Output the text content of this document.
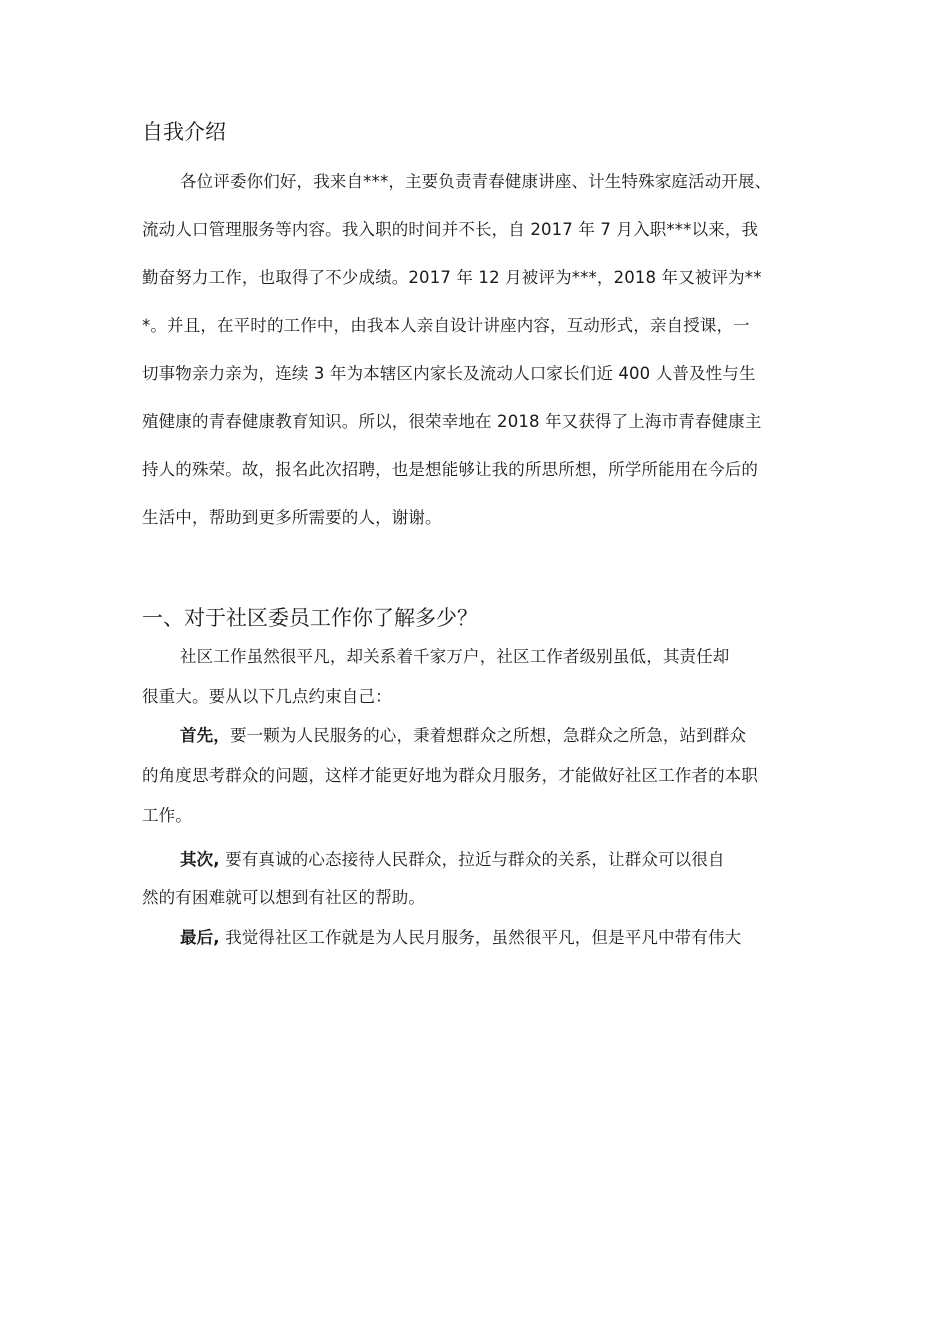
自我介绍
各位评委你们好，我来自***，主要负责青春健康讲座、计生特殊家庭活动开展、
流动人口管理服务等内容。我入职的时间并不长，自 2017 年 7 月入职***以来，我
勤奋努力工作，也取得了不少成绩。2017 年 12 月被评为***，2018 年又被评为**
*。并且，在平时的工作中，由我本人亲自设计讲座内容，互动形式，亲自授课，一
切事物亲力亲为，连续 3 年为本辖区内家长及流动人口家长们近 400 人普及性与生
殖健康的青春健康教育知识。所以，很荣幸地在 2018 年又获得了上海市青春健康主
持人的殊荣。故，报名此次招聘，也是想能够让我的所思所想，所学所能用在今后的
生活中，帮助到更多所需要的人，谢谢。
一、对于社区委员工作你了解多少？
社区工作虽然很平凡，却关系着千家万户，社区工作者级别虽低，其责任却
很重大。要从以下几点约束自己：
首先，要一颗为人民服务的心，秉着想群众之所想，急群众之所急，站到群众
的角度思考群众的问题，这样才能更好地为群众月服务，才能做好社区工作者的本职
工作。
其次, 要有真诚的心态接待人民群众，拉近与群众的关系，让群众可以很自
然的有困难就可以想到有社区的帮助。
最后, 我觉得社区工作就是为人民月服务，虽然很平凡，但是平凡中带有伟大
